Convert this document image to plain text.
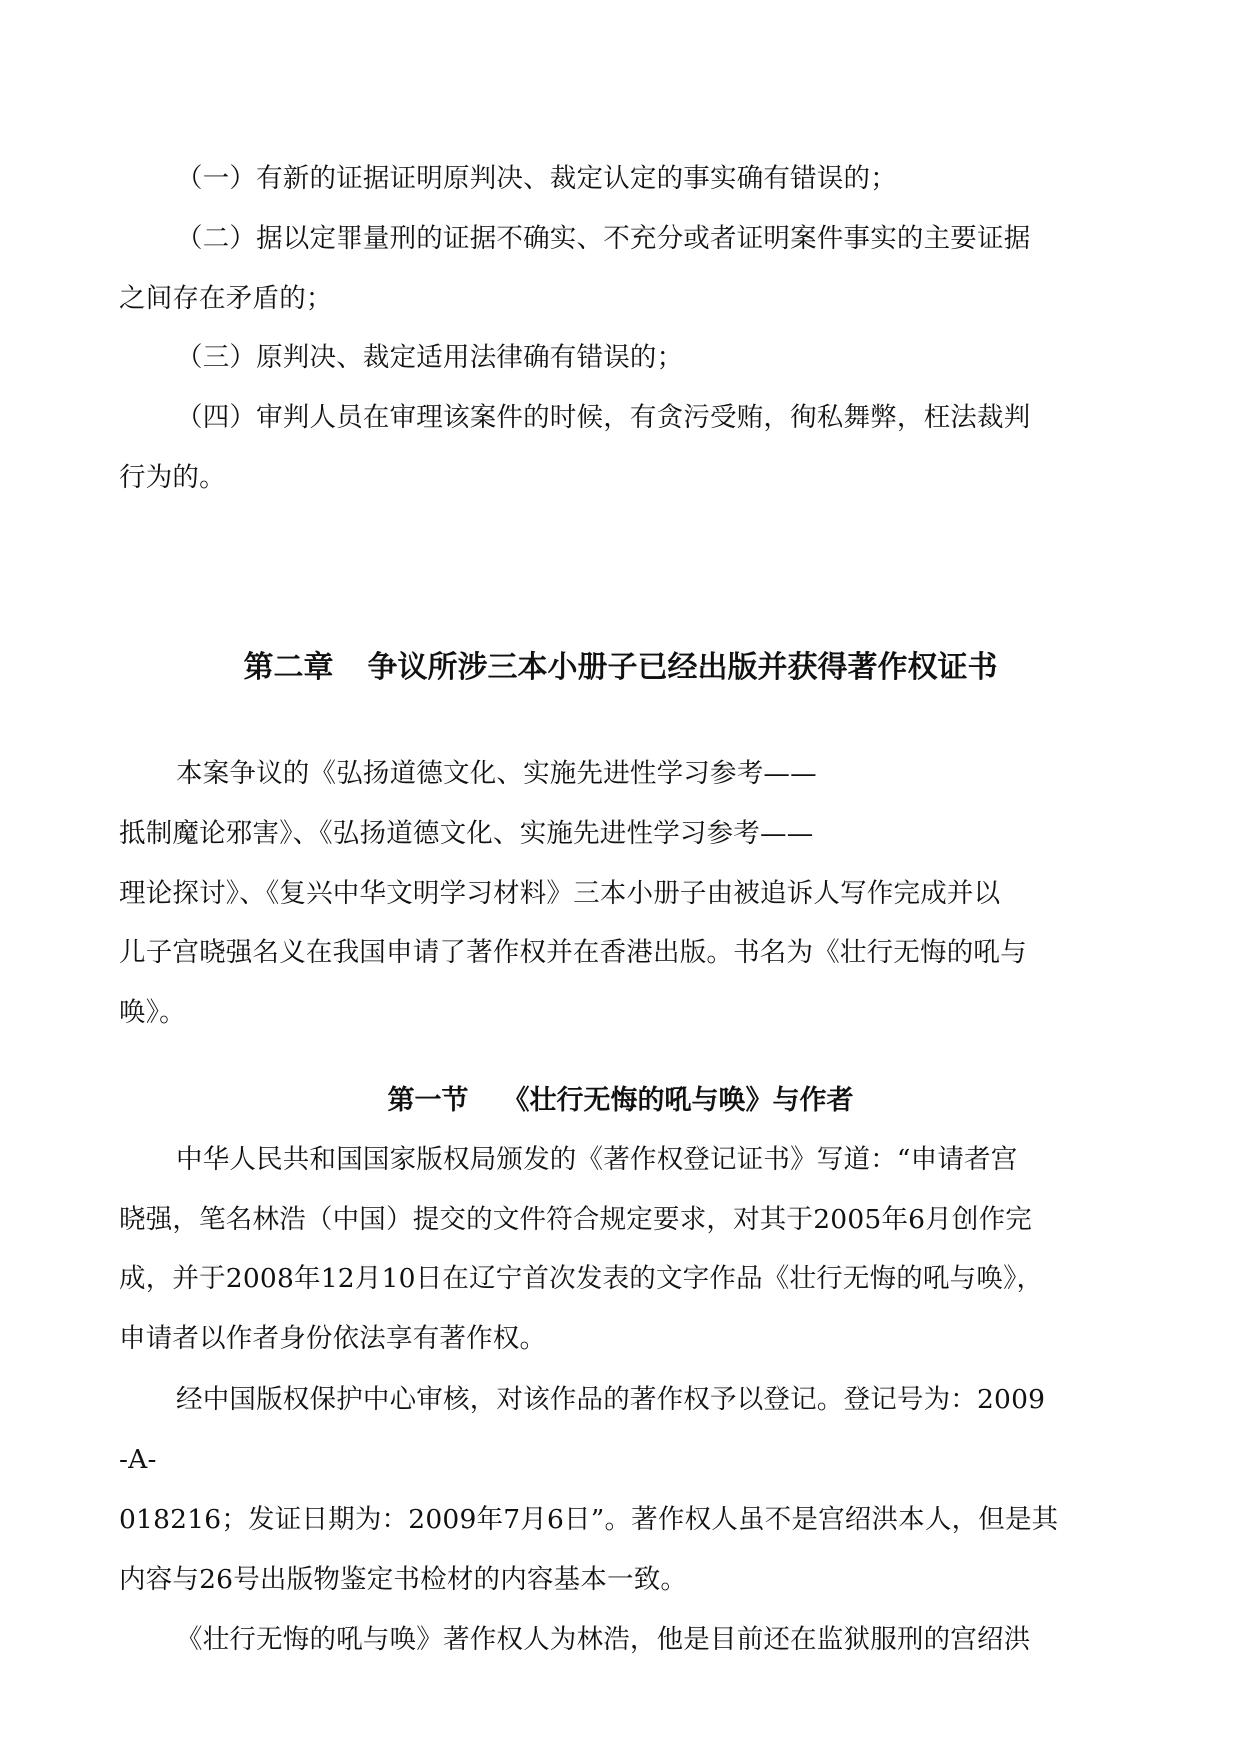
（一）有新的证据证明原判决、裁定认定的事实确有错误的；
（二）据以定罪量刑的证据不确实、不充分或者证明案件事实的主要证据
之间存在矛盾的；
（三）原判决、裁定适用法律确有错误的；
（四）审判人员在审理该案件的时候，有贪污受贿，徇私舞弊，枉法裁判
行为的。
第二章 争议所涉三本小册子已经出版并获得著作权证书
本案争议的《弘扬道德文化、实施先进性学习参考——
抵制魔论邪害》、《弘扬道德文化、实施先进性学习参考——
理论探讨》、《复兴中华文明学习材料》三本小册子由被追诉人写作完成并以
儿子宫晓强名义在我国申请了著作权并在香港出版。书名为《壮行无悔的吼与
唤》。
第一节 《壮行无悔的吼与唤》与作者
中华人民共和国国家版权局颁发的《著作权登记证书》写道：“申请者宫
晓强，笔名林浩（中国）提交的文件符合规定要求，对其于2005年6月创作完
成，并于2008年12月10日在辽宁首次发表的文字作品《壮行无悔的吼与唤》，
申请者以作者身份依法享有著作权。
经中国版权保护中心审核，对该作品的著作权予以登记。登记号为：2009
-A-
018216；发证日期为：2009年7月6日”。著作权人虽不是宫绍洪本人，但是其
内容与26号出版物鉴定书检材的内容基本一致。
《壮行无悔的吼与唤》著作权人为林浩，他是目前还在监狱服刑的宫绍洪
